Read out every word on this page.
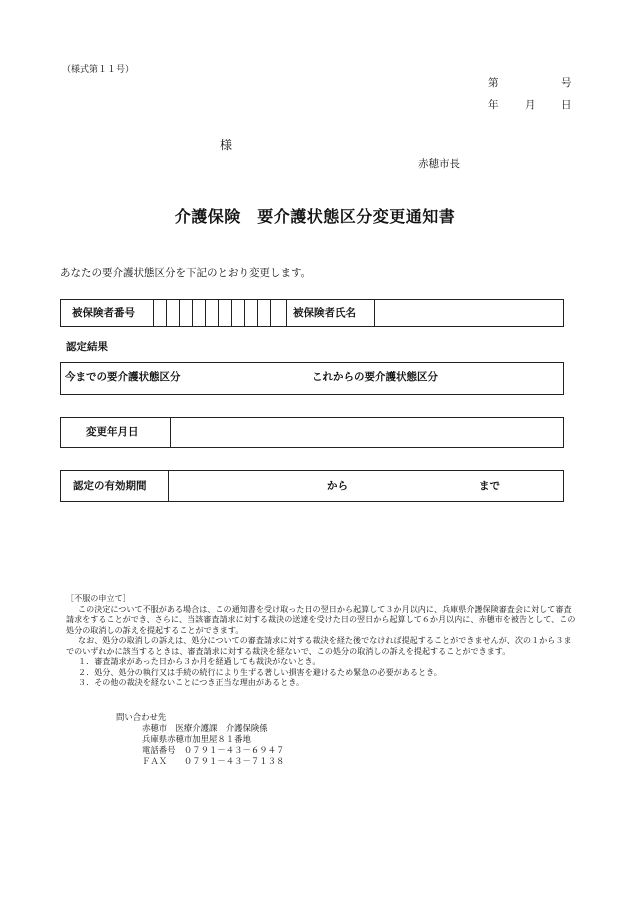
（様式第１１号）
第	号
年	月 日
様
赤穂市長
介護保険　要介護状態区分変更通知書
あなたの要介護状態区分を下記のとおり変更します。
被保険者番号	被保険者氏名
認定結果
今までの要介護状態区分	これからの要介護状態区分
変更年月日
認定の有効期間	から	まで

［不服の申立て］

この決定について不服がある場合は、この通知書を受け取った日の翌日から起算して３か月以内に、兵庫県介護保険審査会に対して審査請求をすることができ、さらに、当該審査請求に対する裁決の送達を受けた日の翌日から起算して６か月以内に、赤穂市を被告として、この処分の取消しの訴えを提起することができます。

なお、処分の取消しの訴えは、処分についての審査請求に対する裁決を経た後でなければ提起することができませんが、次の１から３までのいずれかに該当するときは、審査請求に対する裁決を経ないで、この処分の取消しの訴えを提起することができます。

１．審査請求があった日から３か月を経過しても裁決がないとき。

２．処分、処分の執行又は手続の続行により生ずる著しい損害を避けるため緊急の必要があるとき。

３．その他の裁決を経ないことにつき正当な理由があるとき。

問い合わせ先
赤穂市　医療介護課　介護保険係
兵庫県赤穂市加里屋８１番地
電話番号　０７９１－４３－６９４７
ＦＡＸ　　０７９１－４３－７１３８
